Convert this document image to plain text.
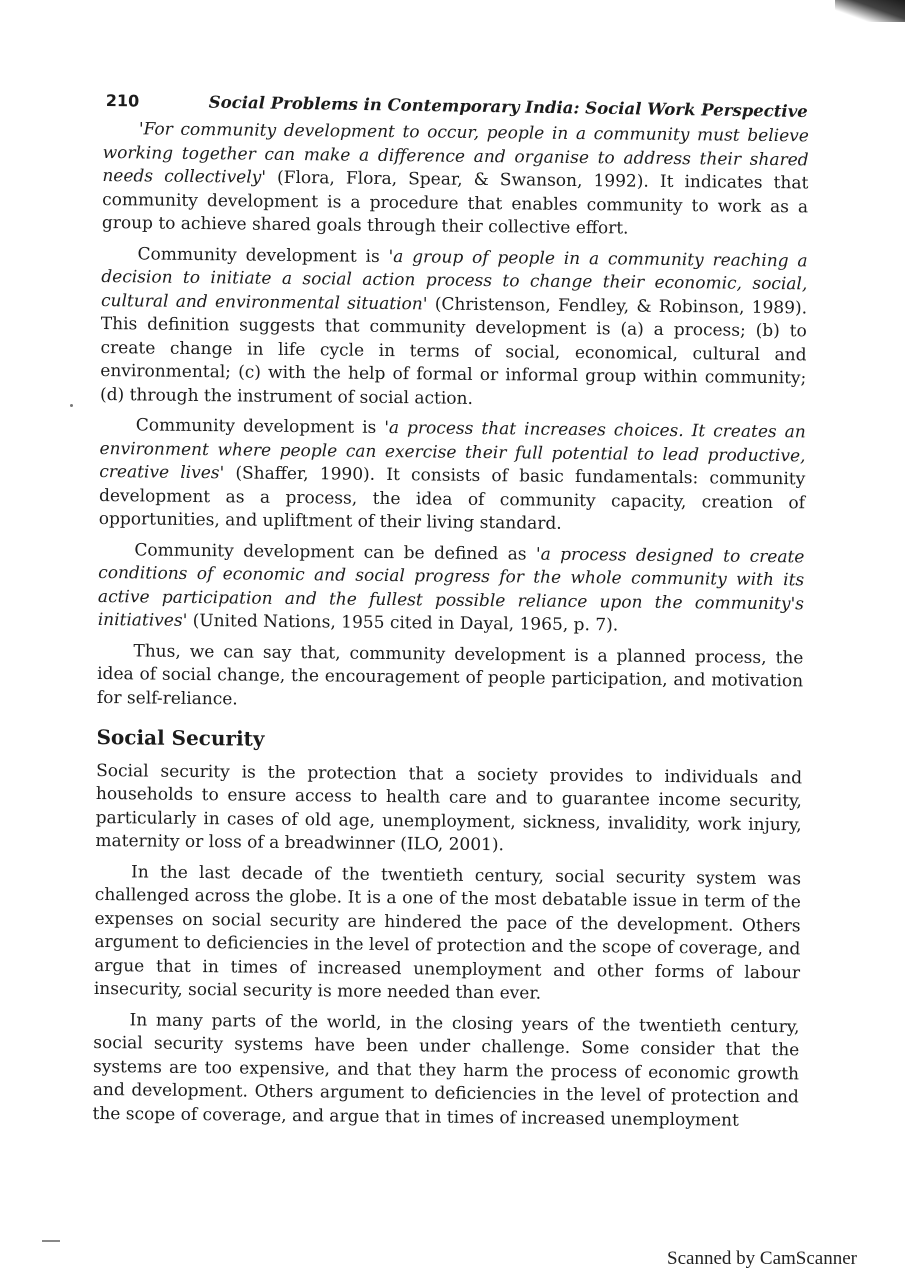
210	Social Problems in Contemporary India: Social Work Perspective

'For community development to occur, people in a community must believe working together can make a difference and organise to address their shared needs collectively' (Flora, Flora, Spear, & Swanson, 1992). It indicates that community development is a procedure that enables community to work as a group to achieve shared goals through their collective effort.

Community development is 'a group of people in a community reaching a decision to initiate a social action process to change their economic, social, cultural and environmental situation' (Christenson, Fendley, & Robinson, 1989). This definition suggests that community development is (a) a process; (b) to create change in life cycle in terms of social, economical, cultural and environmental; (c) with the help of formal or informal group within community; (d) through the instrument of social action.

Community development is 'a process that increases choices. It creates an environment where people can exercise their full potential to lead productive, creative lives' (Shaffer, 1990). It consists of basic fundamentals: community development as a process, the idea of community capacity, creation of opportunities, and upliftment of their living standard.

Community development can be defined as 'a process designed to create conditions of economic and social progress for the whole community with its active participation and the fullest possible reliance upon the community's initiatives' (United Nations, 1955 cited in Dayal, 1965, p. 7).

Thus, we can say that, community development is a planned process, the idea of social change, the encouragement of people participation, and motivation for self-reliance.

Social Security

Social security is the protection that a society provides to individuals and households to ensure access to health care and to guarantee income security, particularly in cases of old age, unemployment, sickness, invalidity, work injury, maternity or loss of a breadwinner (ILO, 2001).

In the last decade of the twentieth century, social security system was challenged across the globe. It is a one of the most debatable issue in term of the expenses on social security are hindered the pace of the development. Others argument to deficiencies in the level of protection and the scope of coverage, and argue that in times of increased unemployment and other forms of labour insecurity, social security is more needed than ever.

In many parts of the world, in the closing years of the twentieth century, social security systems have been under challenge. Some consider that the systems are too expensive, and that they harm the process of economic growth and development. Others argument to deficiencies in the level of protection and the scope of coverage, and argue that in times of increased unemployment

Scanned by CamScanner
